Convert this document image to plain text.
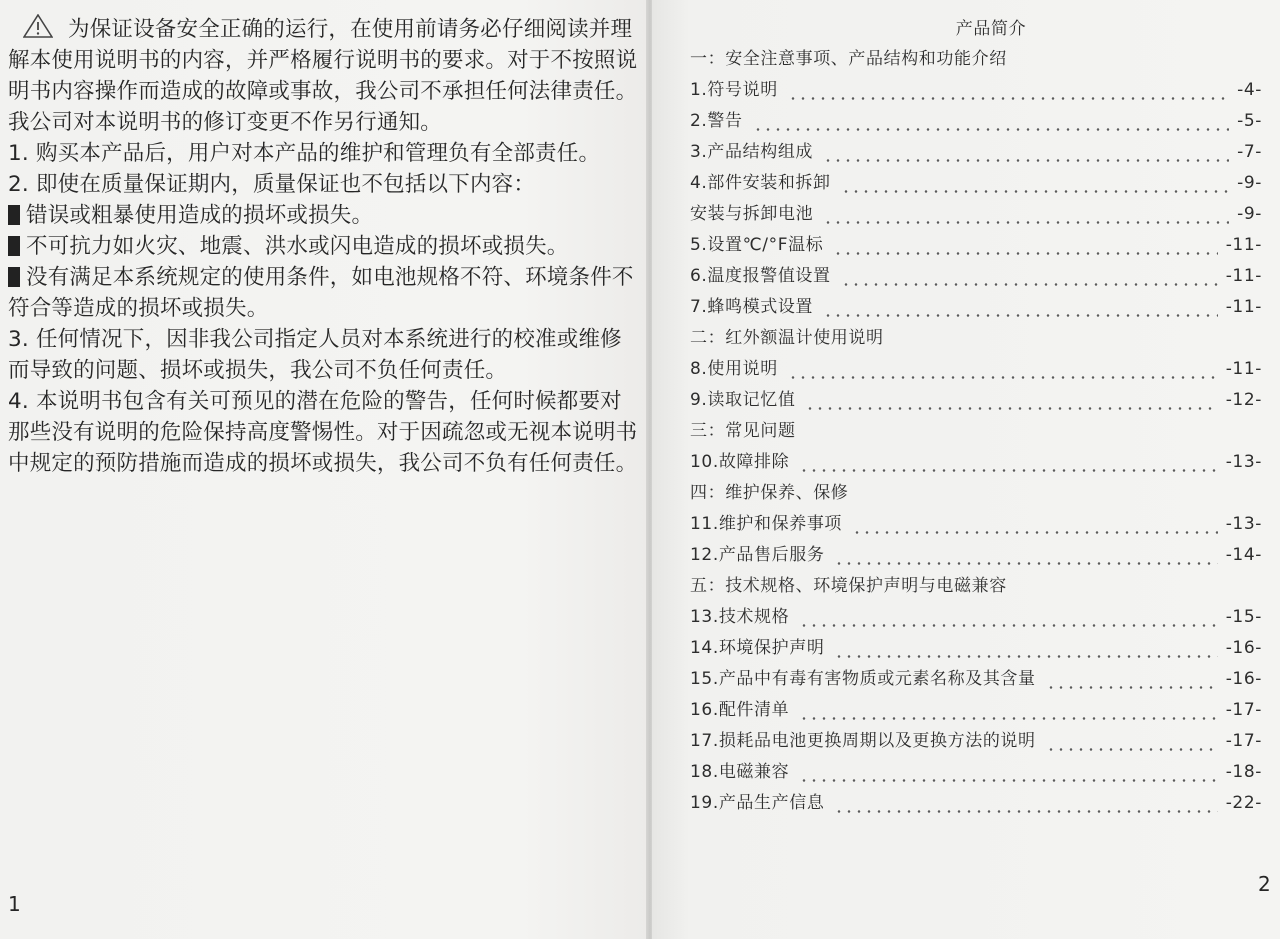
为保证设备安全正确的运行，在使用前请务必仔细阅读并理解本使用说明书的内容，并严格履行说明书的要求。对于不按照说明书内容操作而造成的故障或事故，我公司不承担任何法律责任。我公司对本说明书的修订变更不作另行通知。

1. 购买本产品后，用户对本产品的维护和管理负有全部责任。

2. 即使在质量保证期内，质量保证也不包括以下内容：

错误或粗暴使用造成的损坏或损失。

不可抗力如火灾、地震、洪水或闪电造成的损坏或损失。

没有满足本系统规定的使用条件，如电池规格不符、环境条件不符合等造成的损坏或损失。

3. 任何情况下，因非我公司指定人员对本系统进行的校准或维修而导致的问题、损坏或损失，我公司不负任何责任。

4. 本说明书包含有关可预见的潜在危险的警告，任何时候都要对那些没有说明的危险保持高度警惕性。对于因疏忽或无视本说明书中规定的预防措施而造成的损坏或损失，我公司不负有任何责任。

1
产品简介
一：安全注意事项、产品结构和功能介绍
1.符号说明	-4-
2.警告	-5-
3.产品结构组成	-7-
4.部件安装和拆卸	-9-
安装与拆卸电池	-9-
5.设置℃/°F温标	-11-
6.温度报警值设置	-11-
7.蜂鸣模式设置	-11-
二：红外额温计使用说明
8.使用说明	-11-
9.读取记忆值	-12-
三：常见问题
10.故障排除	-13-
四：维护保养、保修
11.维护和保养事项	-13-
12.产品售后服务	-14-
五：技术规格、环境保护声明与电磁兼容
13.技术规格	-15-
14.环境保护声明	-16-
15.产品中有毒有害物质或元素名称及其含量	-16-
16.配件清单	-17-
17.损耗品电池更换周期以及更换方法的说明	-17-
18.电磁兼容	-18-
19.产品生产信息	-22-
2
